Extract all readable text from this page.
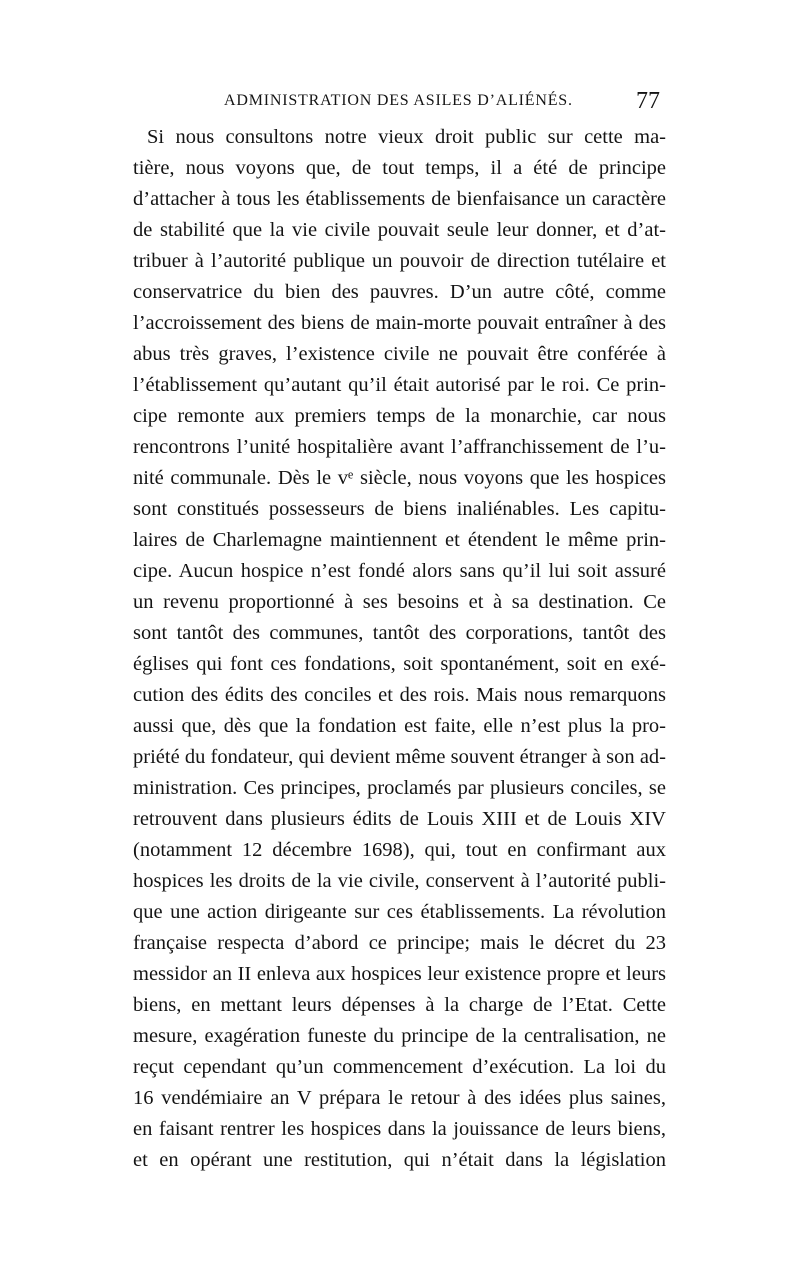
ADMINISTRATION DES ASILES D’ALIÉNÉS.	77
Si nous consultons notre vieux droit public sur cette ma-
tière, nous voyons que, de tout temps, il a été de principe
d’attacher à tous les établissements de bienfaisance un caractère
de stabilité que la vie civile pouvait seule leur donner, et d’at-
tribuer à l’autorité publique un pouvoir de direction tutélaire et
conservatrice du bien des pauvres. D’un autre côté, comme
l’accroissement des biens de main-morte pouvait entraîner à des
abus très graves, l’existence civile ne pouvait être conférée à
l’établissement qu’autant qu’il était autorisé par le roi. Ce prin-
cipe remonte aux premiers temps de la monarchie, car nous
rencontrons l’unité hospitalière avant l’affranchissement de l’u-
nité communale. Dès le vᵉ siècle, nous voyons que les hospices
sont constitués possesseurs de biens inaliénables. Les capitu-
laires de Charlemagne maintiennent et étendent le même prin-
cipe. Aucun hospice n’est fondé alors sans qu’il lui soit assuré
un revenu proportionné à ses besoins et à sa destination. Ce
sont tantôt des communes, tantôt des corporations, tantôt des
églises qui font ces fondations, soit spontanément, soit en exé-
cution des édits des conciles et des rois. Mais nous remarquons
aussi que, dès que la fondation est faite, elle n’est plus la pro-
priété du fondateur, qui devient même souvent étranger à son ad-
ministration. Ces principes, proclamés par plusieurs conciles, se
retrouvent dans plusieurs édits de Louis XIII et de Louis XIV
(notamment 12 décembre 1698), qui, tout en confirmant aux
hospices les droits de la vie civile, conservent à l’autorité publi-
que une action dirigeante sur ces établissements. La révolution
française respecta d’abord ce principe; mais le décret du 23
messidor an II enleva aux hospices leur existence propre et leurs
biens, en mettant leurs dépenses à la charge de l’Etat. Cette
mesure, exagération funeste du principe de la centralisation, ne
reçut cependant qu’un commencement d’exécution. La loi du
16 vendémiaire an V prépara le retour à des idées plus saines,
en faisant rentrer les hospices dans la jouissance de leurs biens,
et en opérant une restitution, qui n’était dans la législation
